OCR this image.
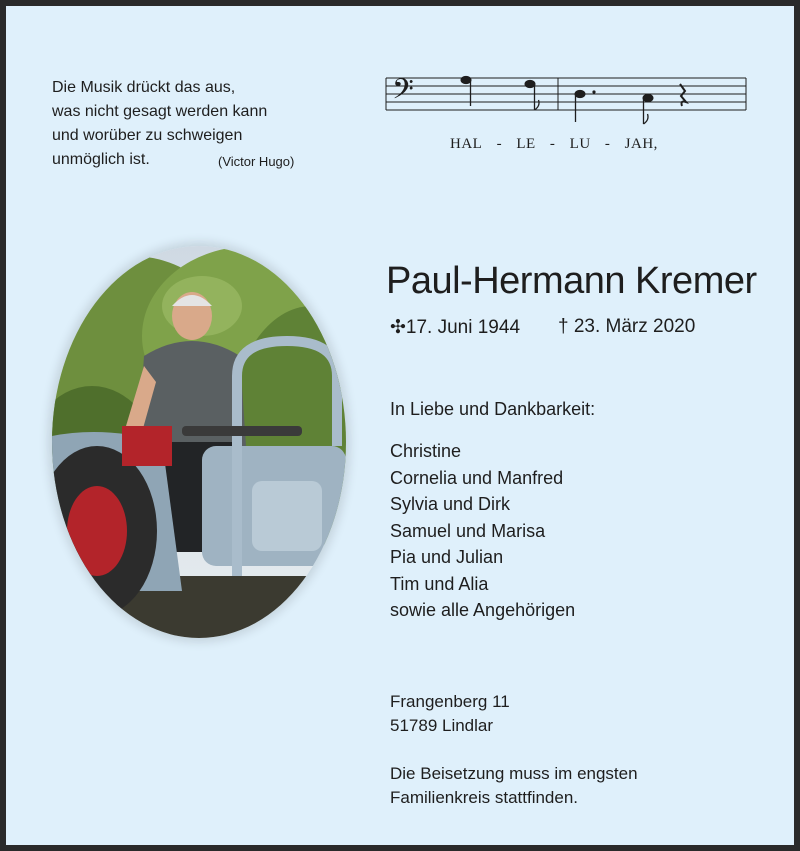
Die Musik drückt das aus,
was nicht gesagt werden kann
und worüber zu schweigen
unmöglich ist.	(Victor Hugo)
𝄢
HAL - LE - LU - JAH,
Paul-Hermann Kremer
✣17. Juni 1944 † 23. März 2020
In Liebe und Dankbarkeit:
Christine
Cornelia und Manfred
Sylvia und Dirk
Samuel und Marisa
Pia und Julian
Tim und Alia
sowie alle Angehörigen
Frangenberg 11
51789 Lindlar
Die Beisetzung muss im engsten
Familienkreis stattfinden.
